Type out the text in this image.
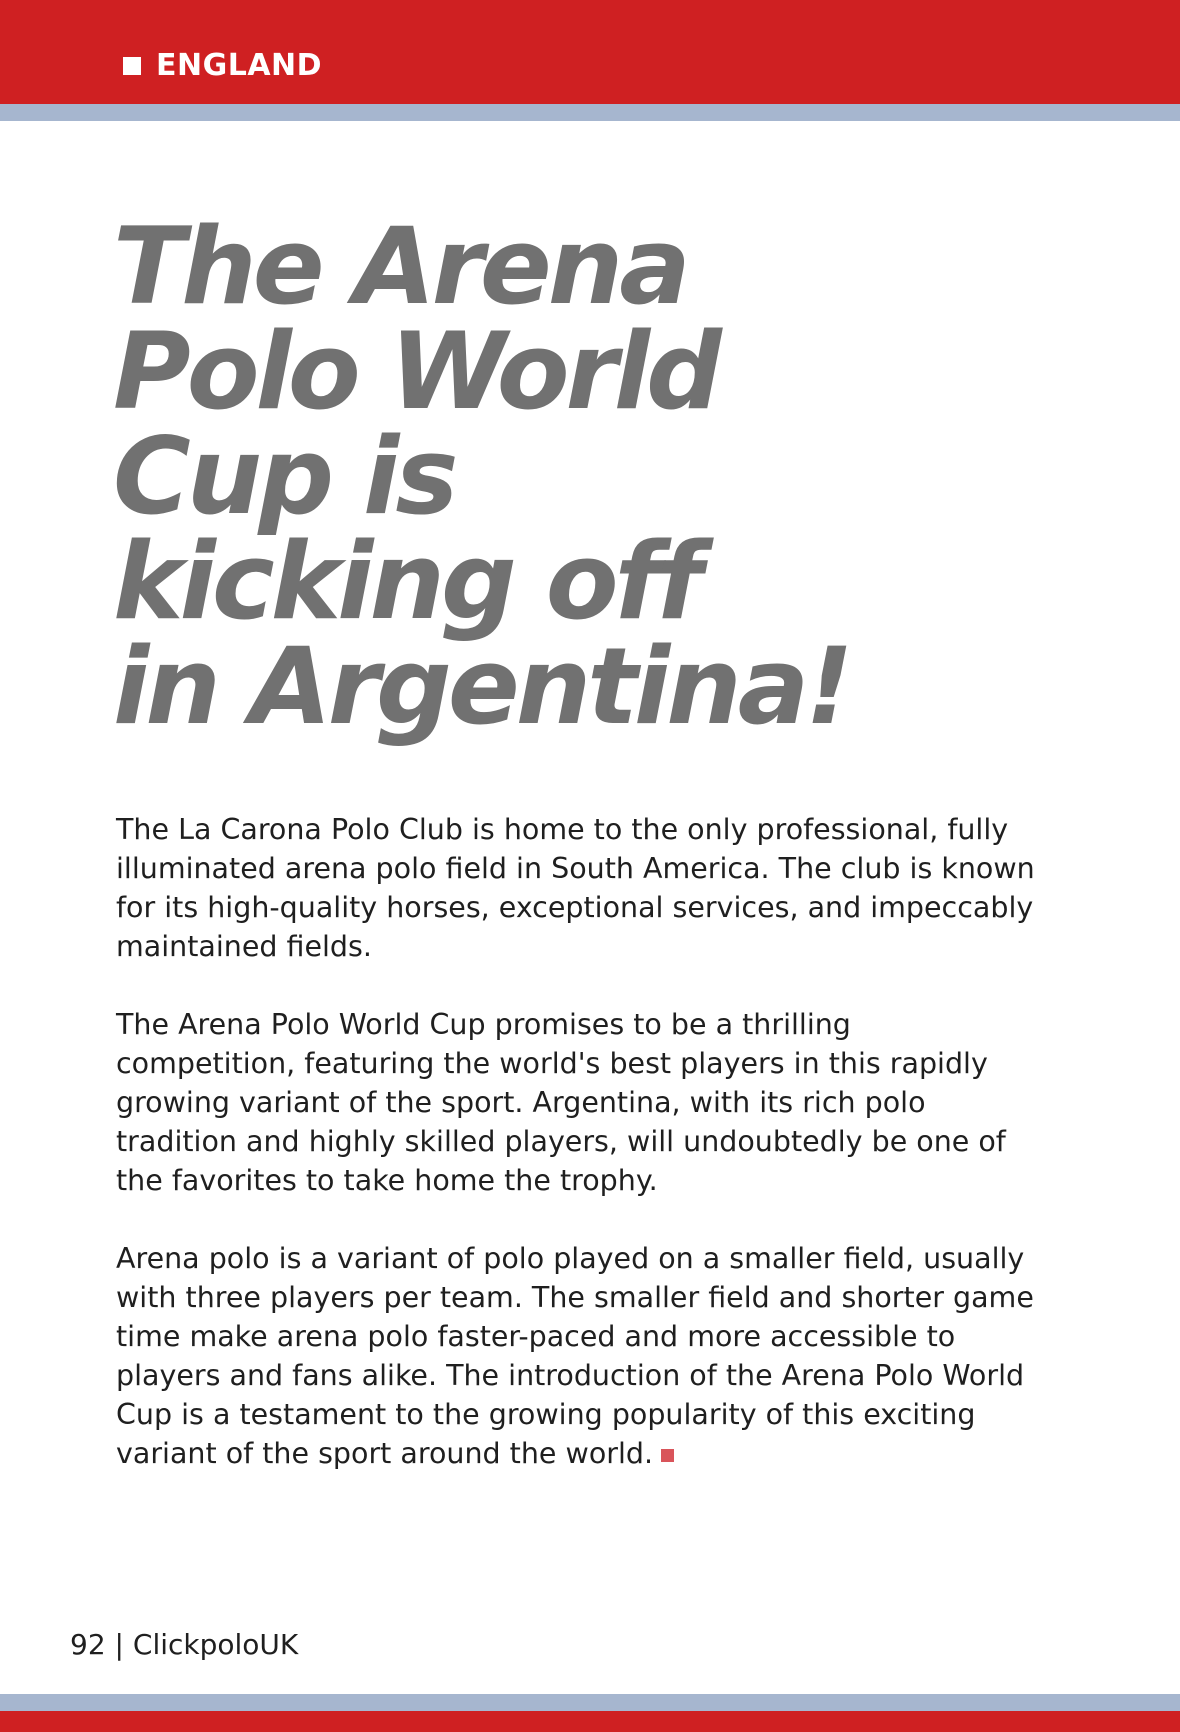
ENGLAND
The Arena
Polo World
Cup is
kicking off
in Argentina!

The La Carona Polo Club is home to the only professional, fully illuminated arena polo field in South America. The club is known for its high-quality horses, exceptional services, and impeccably maintained fields.

The Arena Polo World Cup promises to be a thrilling competition, featuring the world's best players in this rapidly growing variant of the sport. Argentina, with its rich polo tradition and highly skilled players, will undoubtedly be one of the favorites to take home the trophy.

Arena polo is a variant of polo played on a smaller field, usually with three players per team. The smaller field and shorter game time make arena polo faster-paced and more accessible to players and fans alike. The introduction of the Arena Polo World Cup is a testament to the growing popularity of this exciting variant of the sport around the world.

92 | ClickpoloUK
